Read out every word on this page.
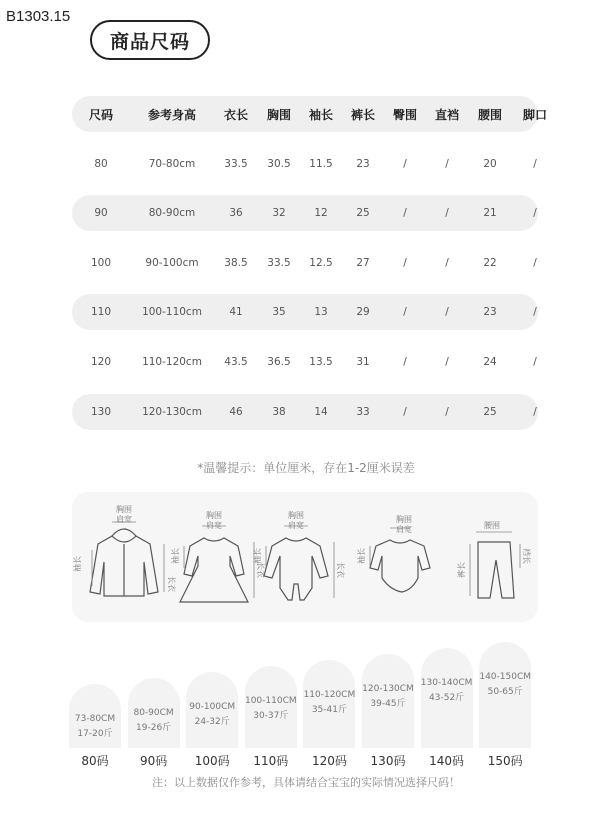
B1303.15
商品尺码
尺码	参考身高	衣长	胸围	袖长	裤长	臀围	直裆	腰围	脚口
80	70-80cm	33.5	30.5	11.5	23	/	/	20	/
90	80-90cm	36	32	12	25	/	/	21	/
100	90-100cm	38.5	33.5	12.5	27	/	/	22	/
110	100-110cm	41	35	13	29	/	/	23	/
120	110-120cm	43.5	36.5	13.5	31	/	/	24	/
130	120-130cm	46	38	14	33	/	/	25	/
*温馨提示：单位厘米，存在1-2厘米误差
胸围
肩宽
袖长
长衣
胸围
肩宽
袖长
长衣
胸围
肩宽
袖长
长衣
胸围
肩宽
袖长
腰围
裤长
裆长
73-80CM
17-20斤
80码
80-90CM
19-26斤
90码
90-100CM
24-32斤
100码
100-110CM
30-37斤
110码
110-120CM
35-41斤
120码
120-130CM
39-45斤
130码
130-140CM
43-52斤
140码
140-150CM
50-65斤
150码
注：以上数据仅作参考，具体请结合宝宝的实际情况选择尺码！
